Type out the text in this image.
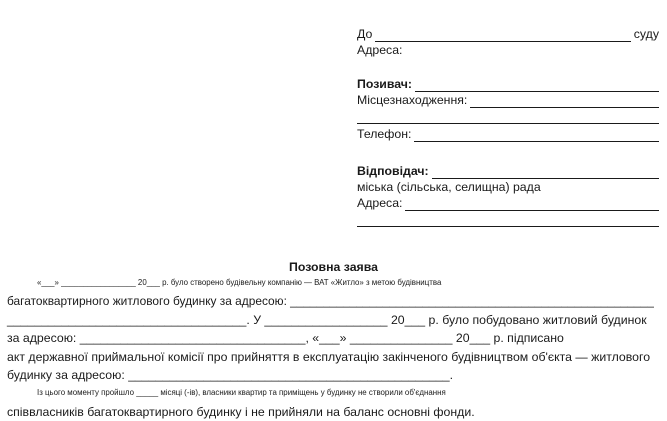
До	суду
Адреса:
Позивач:
Місцезнаходження:
Телефон:
Відповідач:
міська (сільська, селищна) рада
Адреса:
Позовна заява

«___» _________________ 20___ р. було створено будівельну компанію — ВАТ «Житло» з метою будівництва

багатоквартирного житлового будинку за адресою: _______________________________________________________
___________________________________. У __________________ 20___ р. було побудовано житловий будинок
за адресою: _________________________________, «___» _______________ 20___ р. підписано
акт державної приймальної комісії про прийняття в експлуатацію закінченого будівництвом об'єкта — житлового
будинку за адресою: _______________________________________________.

Із цього моменту пройшло _____ місяці (-ів), власники квартир та приміщень у будинку не створили об'єднання

співвласників багатоквартирного будинку і не прийняли на баланс основні фонди.
